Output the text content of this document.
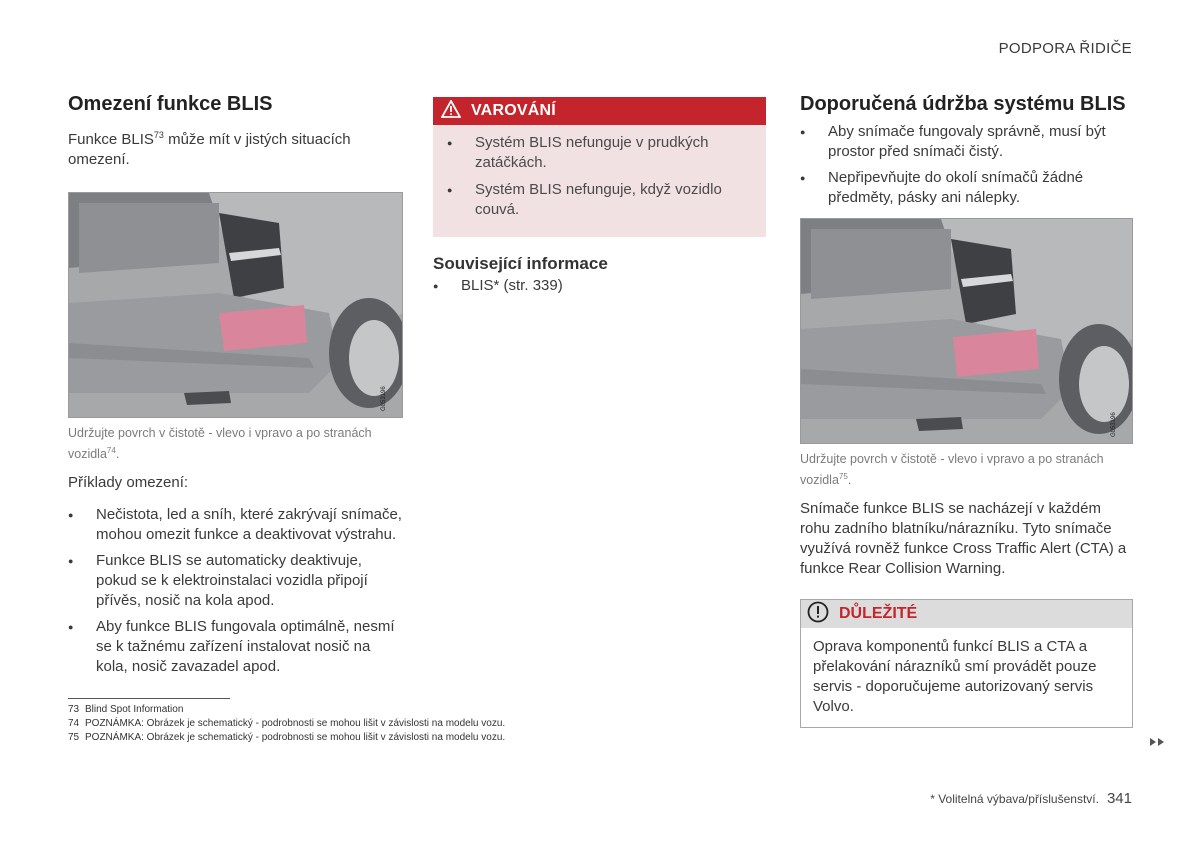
PODPORA ŘIDIČE
Omezení funkce BLIS

Funkce BLIS$^{73}$ může mít v jistých situacích omezení.

G053196
Udržujte povrch v čistotě - vlevo i vpravo a po stranách vozidla$^{74}$.

Příklady omezení:

● Nečistota, led a sníh, které zakrývají snímače, mohou omezit funkce a deaktivovat výstrahu.
● Funkce BLIS se automaticky deaktivuje, pokud se k elektroinstalaci vozidla připojí přívěs, nosič na kola apod.
● Aby funkce BLIS fungovala optimálně, nesmí se k tažnému zařízení instalovat nosič na kola, nosič zavazadel apod.
VAROVÁNÍ
● Systém BLIS nefunguje v prudkých zatáčkách.
● Systém BLIS nefunguje, když vozidlo couvá.
Související informace
● BLIS* (str. 339)
Doporučená údržba systému BLIS
● Aby snímače fungovaly správně, musí být prostor před snímači čistý.
● Nepřipevňujte do okolí snímačů žádné předměty, pásky ani nálepky.
G053196
Udržujte povrch v čistotě - vlevo i vpravo a po stranách vozidla$^{75}$.

Snímače funkce BLIS se nacházejí v každém rohu zadního blatníku/nárazníku. Tyto snímače využívá rovněž funkce Cross Traffic Alert (CTA) a funkce Rear Collision Warning.

DŮLEŽITÉ
Oprava komponentů funkcí BLIS a CTA a přelakování nárazníků smí provádět pouze servis - doporučujeme autorizovaný servis Volvo.
73 Blind Spot Information
74 POZNÁMKA: Obrázek je schematický - podrobnosti se mohou lišit v závislosti na modelu vozu.
75 POZNÁMKA: Obrázek je schematický - podrobnosti se mohou lišit v závislosti na modelu vozu.
* Volitelná výbava/příslušenství. 341
